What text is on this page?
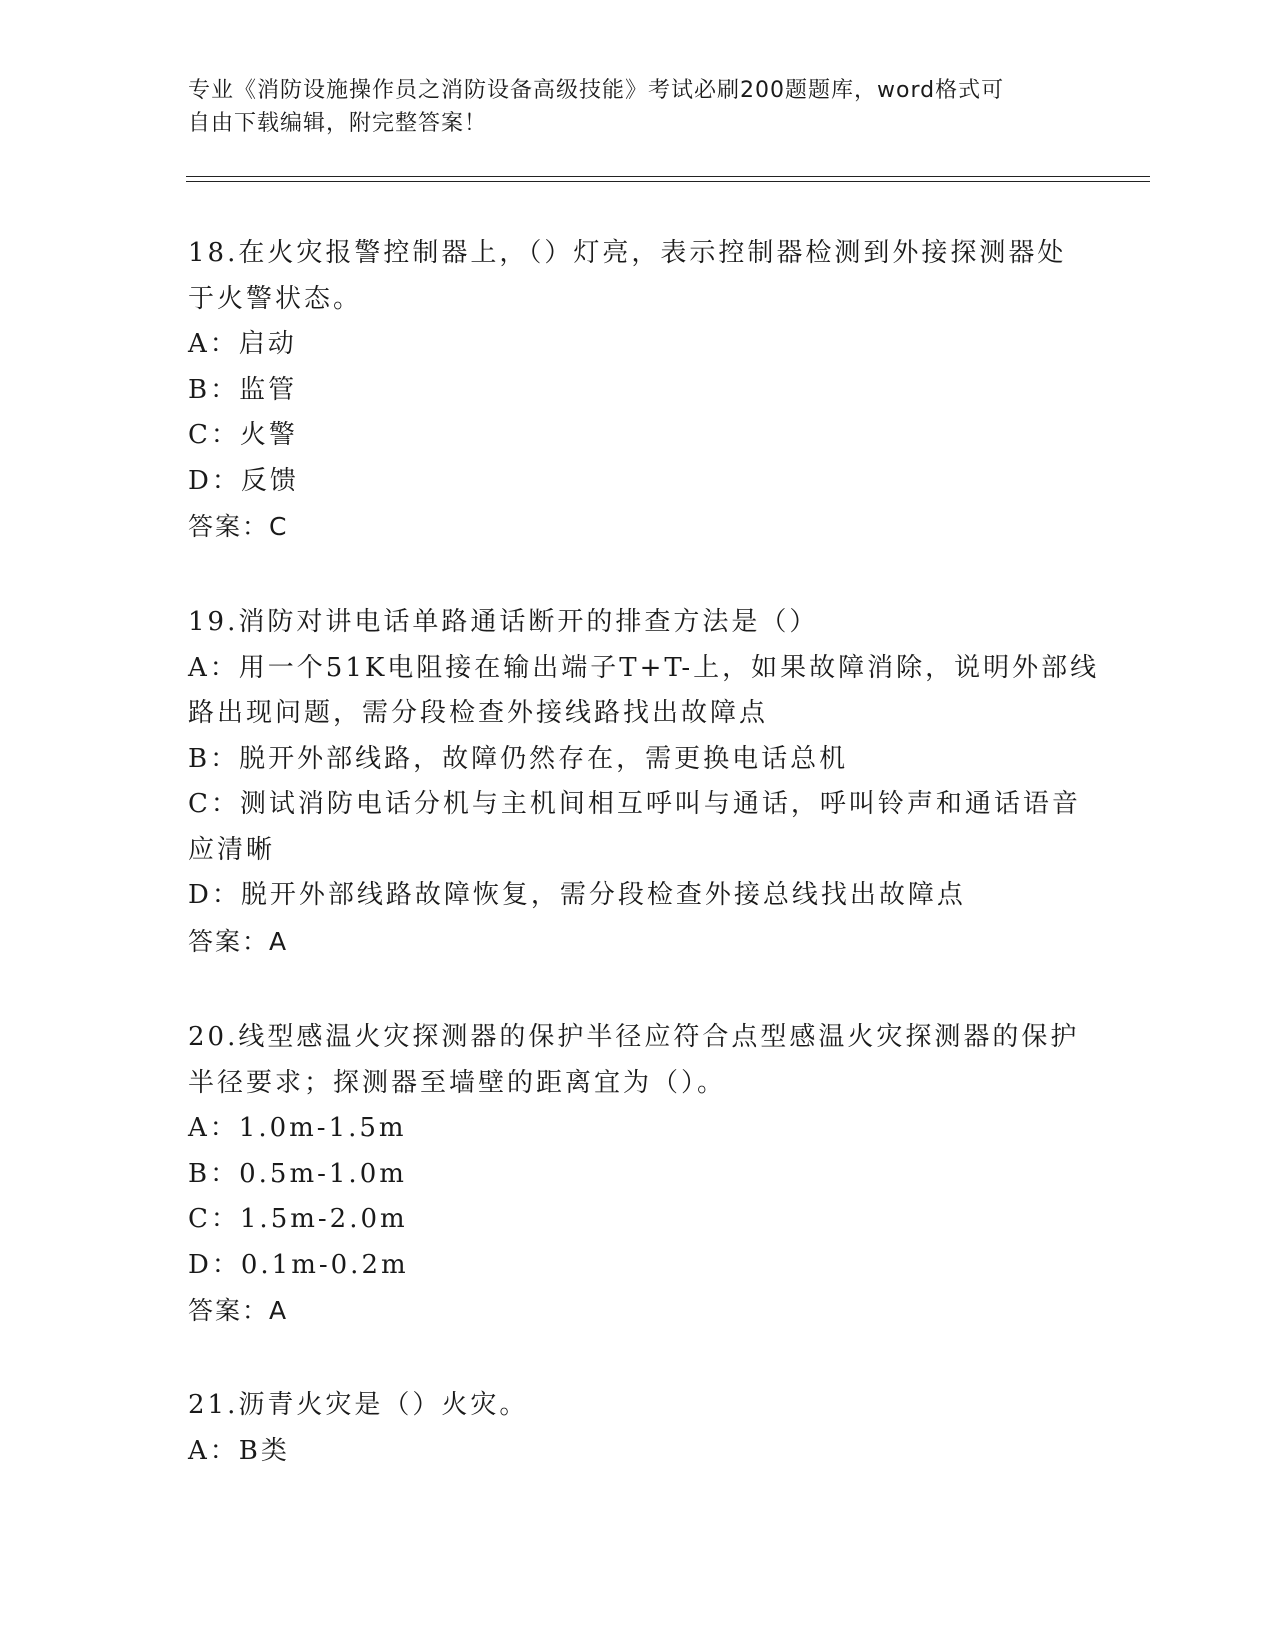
专业《消防设施操作员之消防设备高级技能》考试必刷200题题库，word格式可
自由下载编辑，附完整答案！
18.在火灾报警控制器上，（）灯亮，表示控制器检测到外接探测器处
于火警状态。
A：启动
B：监管
C：火警
D：反馈
答案：C
19.消防对讲电话单路通话断开的排查方法是（）
A：用一个51K电阻接在输出端子T+T-上，如果故障消除，说明外部线
路出现问题，需分段检查外接线路找出故障点
B：脱开外部线路，故障仍然存在，需更换电话总机
C：测试消防电话分机与主机间相互呼叫与通话，呼叫铃声和通话语音
应清晰
D：脱开外部线路故障恢复，需分段检查外接总线找出故障点
答案：A
20.线型感温火灾探测器的保护半径应符合点型感温火灾探测器的保护
半径要求；探测器至墙壁的距离宜为（）。
A：1.0m-1.5m
B：0.5m-1.0m
C：1.5m-2.0m
D：0.1m-0.2m
答案：A
21.沥青火灾是（）火灾。
A：B类
